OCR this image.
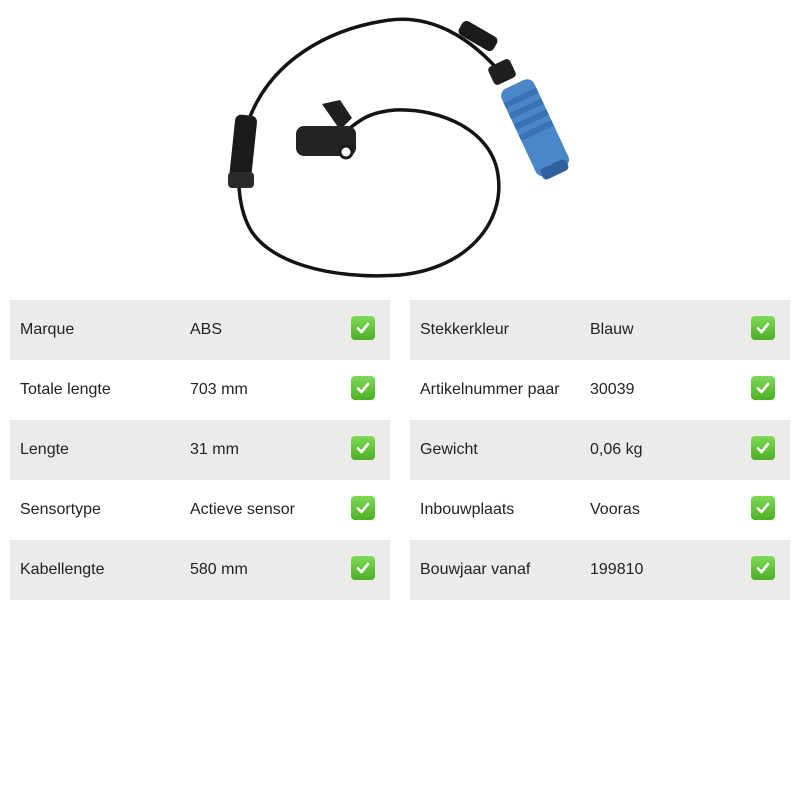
Marque	ABS
Totale lengte	703 mm
Lengte	31 mm
Sensortype	Actieve sensor
Kabellengte	580 mm
Stekkerkleur	Blauw
Artikelnummer paar 30039
Gewicht	0,06 kg
Inbouwplaats	Vooras
Bouwjaar vanaf	199810
